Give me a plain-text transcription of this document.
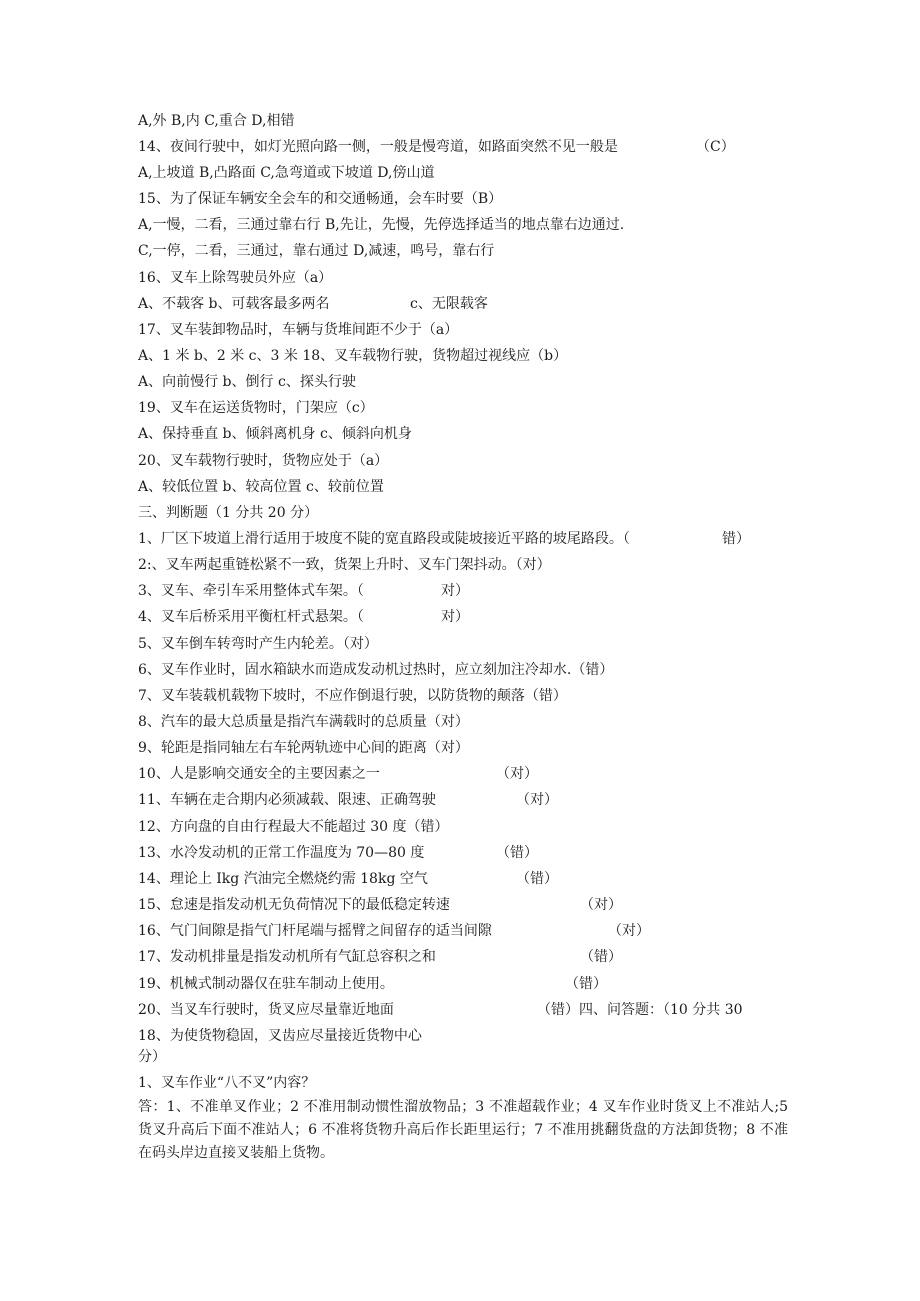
A,外 B,内 C,重合 D,相错
14、夜间行驶中，如灯光照向路一侧，一般是慢弯道，如路面突然不见一般是
A,上坡道 B,凸路面 C,急弯道或下坡道 D,傍山道
15、为了保证车辆安全会车的和交通畅通，会车时要（B）
A,一慢，二看，三通过靠右行 B,先让，先慢，先停选择适当的地点靠右边通过.
C,一停，二看，三通过，靠右通过 D,减速，鸣号，靠右行
16、叉车上除驾驶员外应（a）
A、不载客 b、可载客最多两名
17、叉车装卸物品时，车辆与货堆间距不少于（a）
A、1 米 b、2 米 c、3 米 18、叉车载物行驶，货物超过视线应（b）
A、向前慢行 b、倒行 c、探头行驶
19、叉车在运送货物时，门架应（c）
A、保持垂直 b、倾斜离机身 c、倾斜向机身
20、叉车载物行驶时，货物应处于（a）
A、较低位置 b、较高位置 c、较前位置
三、判断题（1 分共 20 分）
1、厂区下坡道上滑行适用于坡度不陡的宽直路段或陡坡接近平路的坡尾路段。（
2:、叉车两起重链松紧不一致，货架上升时、叉车门架抖动。（对）
3、叉车、牵引车采用整体式车架。（
4、叉车后桥采用平衡杠杆式悬架。（
5、叉车倒车转弯时产生内轮差。（对）
6、叉车作业时，固水箱缺水而造成发动机过热时，应立刻加注冷却水.（错）
7、叉车装载机载物下坡时，不应作倒退行驶，以防货物的颠落（错）
8、汽车的最大总质量是指汽车满载时的总质量（对）
9、轮距是指同轴左右车轮两轨迹中心间的距离（对）
10、人是影响交通安全的主要因素之一
11、车辆在走合期内必须减载、限速、正确驾驶
12、方向盘的自由行程最大不能超过 30 度（错）
13、水冷发动机的正常工作温度为 70—80 度
14、理论上 Ikg 汽油完全燃烧约需 18kg 空气
15、怠速是指发动机无负荷情况下的最低稳定转速
16、气门间隙是指气门杆尾端与摇臂之间留存的适当间隙
17、发动机排量是指发动机所有气缸总容积之和
19、机械式制动器仅在驻车制动上使用。
20、当叉车行驶时，货叉应尽量靠近地面
18、为使货物稳固，叉齿应尽量接近货物中心
分）
1、叉车作业“八不叉”内容？
（C）
c、无限载客
错）
对）
对）
（对）
（对）
（错）
（错）
（对）
（对）
（错）
（错）
（错）四、问答题：（10 分共 30
答：1、不准单叉作业；2 不准用制动惯性溜放物品；3 不准超载作业；4 叉车作业时货叉上不准站人;5 货叉升高后下面不准站人；6 不准将货物升高后作长距里运行；7 不准用挑翻货盘的方法卸货物；8 不准在码头岸边直接叉装船上货物。
